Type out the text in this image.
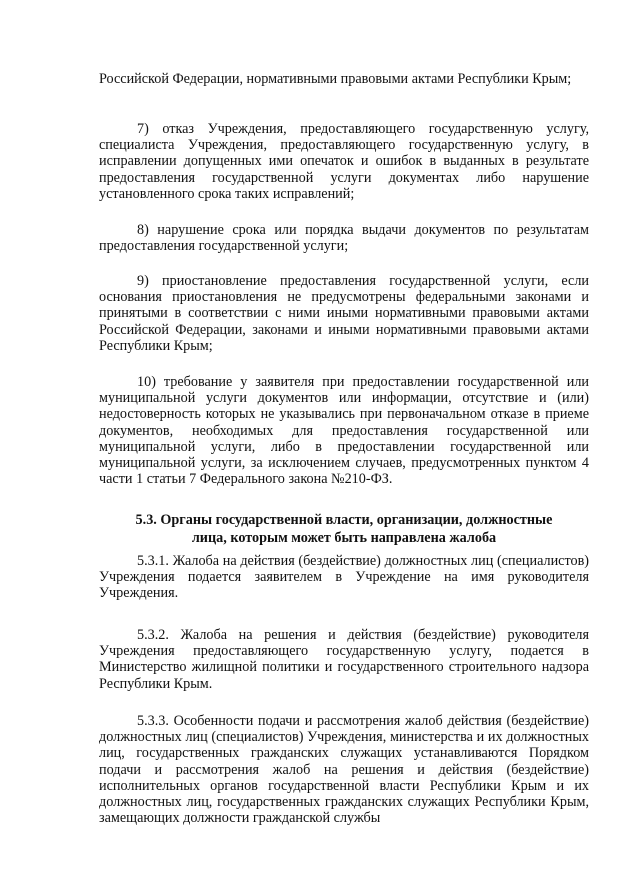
Российской Федерации, нормативными правовыми актами Республики Крым;

7) отказ Учреждения, предоставляющего государственную услугу, специалиста Учреждения, предоставляющего государственную услугу, в исправлении допущенных ими опечаток и ошибок в выданных в результате предоставления государственной услуги документах либо нарушение установленного срока таких исправлений;

8) нарушение срока или порядка выдачи документов по результатам предоставления государственной услуги;

9) приостановление предоставления государственной услуги, если основания приостановления не предусмотрены федеральными законами и принятыми в соответствии с ними иными нормативными правовыми актами Российской Федерации, законами и иными нормативными правовыми актами Республики Крым;

10) требование у заявителя при предоставлении государственной или муниципальной услуги документов или информации, отсутствие и (или) недостоверность которых не указывались при первоначальном отказе в приеме документов, необходимых для предоставления государственной или муниципальной услуги, либо в предоставлении государственной или муниципальной услуги, за исключением случаев, предусмотренных пунктом 4 части 1 статьи 7 Федерального закона №210-ФЗ.

5.3. Органы государственной власти, организации, должностные
лица, которым может быть направлена жалоба

5.3.1. Жалоба на действия (бездействие) должностных лиц (специалистов) Учреждения подается заявителем в Учреждение на имя руководителя Учреждения.

5.3.2. Жалоба на решения и действия (бездействие) руководителя Учреждения предоставляющего государственную услугу, подается в Министерство жилищной политики и государственного строительного надзора Республики Крым.

5.3.3. Особенности подачи и рассмотрения жалоб действия (бездействие) должностных лиц (специалистов) Учреждения, министерства и их должностных лиц, государственных гражданских служащих устанавливаются Порядком подачи и рассмотрения жалоб на решения и действия (бездействие) исполнительных органов государственной власти Республики Крым и их должностных лиц, государственных гражданских служащих Республики Крым, замещающих должности гражданской службы
